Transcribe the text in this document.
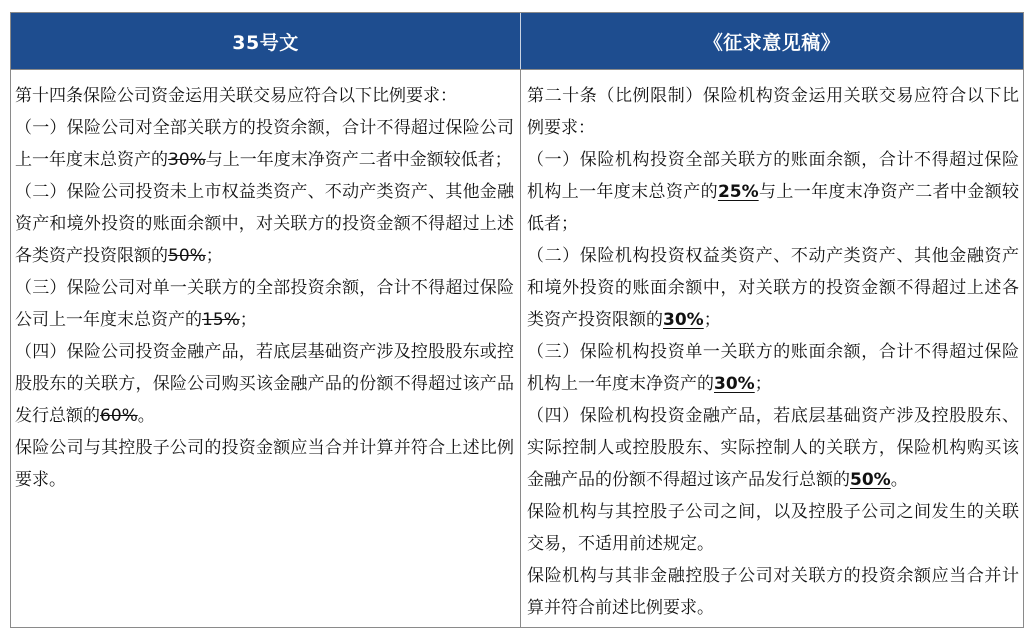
35号文	《征求意见稿》

第十四条保险公司资金运用关联交易应符合以下比例要求：

（一）保险公司对全部关联方的投资余额，合计不得超过保险公司上一年度末总资产的30%与上一年度末净资产二者中金额较低者；

（二）保险公司投资未上市权益类资产、不动产类资产、其他金融资产和境外投资的账面余额中，对关联方的投资金额不得超过上述各类资产投资限额的50%；

（三）保险公司对单一关联方的全部投资余额，合计不得超过保险公司上一年度末总资产的15%；

（四）保险公司投资金融产品，若底层基础资产涉及控股股东或控股股东的关联方，保险公司购买该金融产品的份额不得超过该产品发行总额的60%。

保险公司与其控股子公司的投资金额应当合并计算并符合上述比例要求。

第二十条（比例限制）保险机构资金运用关联交易应符合以下比例要求：

（一）保险机构投资全部关联方的账面余额，合计不得超过保险机构上一年度末总资产的25%与上一年度末净资产二者中金额较低者；

（二）保险机构投资权益类资产、不动产类资产、其他金融资产和境外投资的账面余额中，对关联方的投资金额不得超过上述各类资产投资限额的30%；

（三）保险机构投资单一关联方的账面余额，合计不得超过保险机构上一年度末净资产的30%；

（四）保险机构投资金融产品，若底层基础资产涉及控股股东、实际控制人或控股股东、实际控制人的关联方，保险机构购买该金融产品的份额不得超过该产品发行总额的50%。

保险机构与其控股子公司之间，以及控股子公司之间发生的关联交易，不适用前述规定。

保险机构与其非金融控股子公司对关联方的投资余额应当合并计算并符合前述比例要求。
